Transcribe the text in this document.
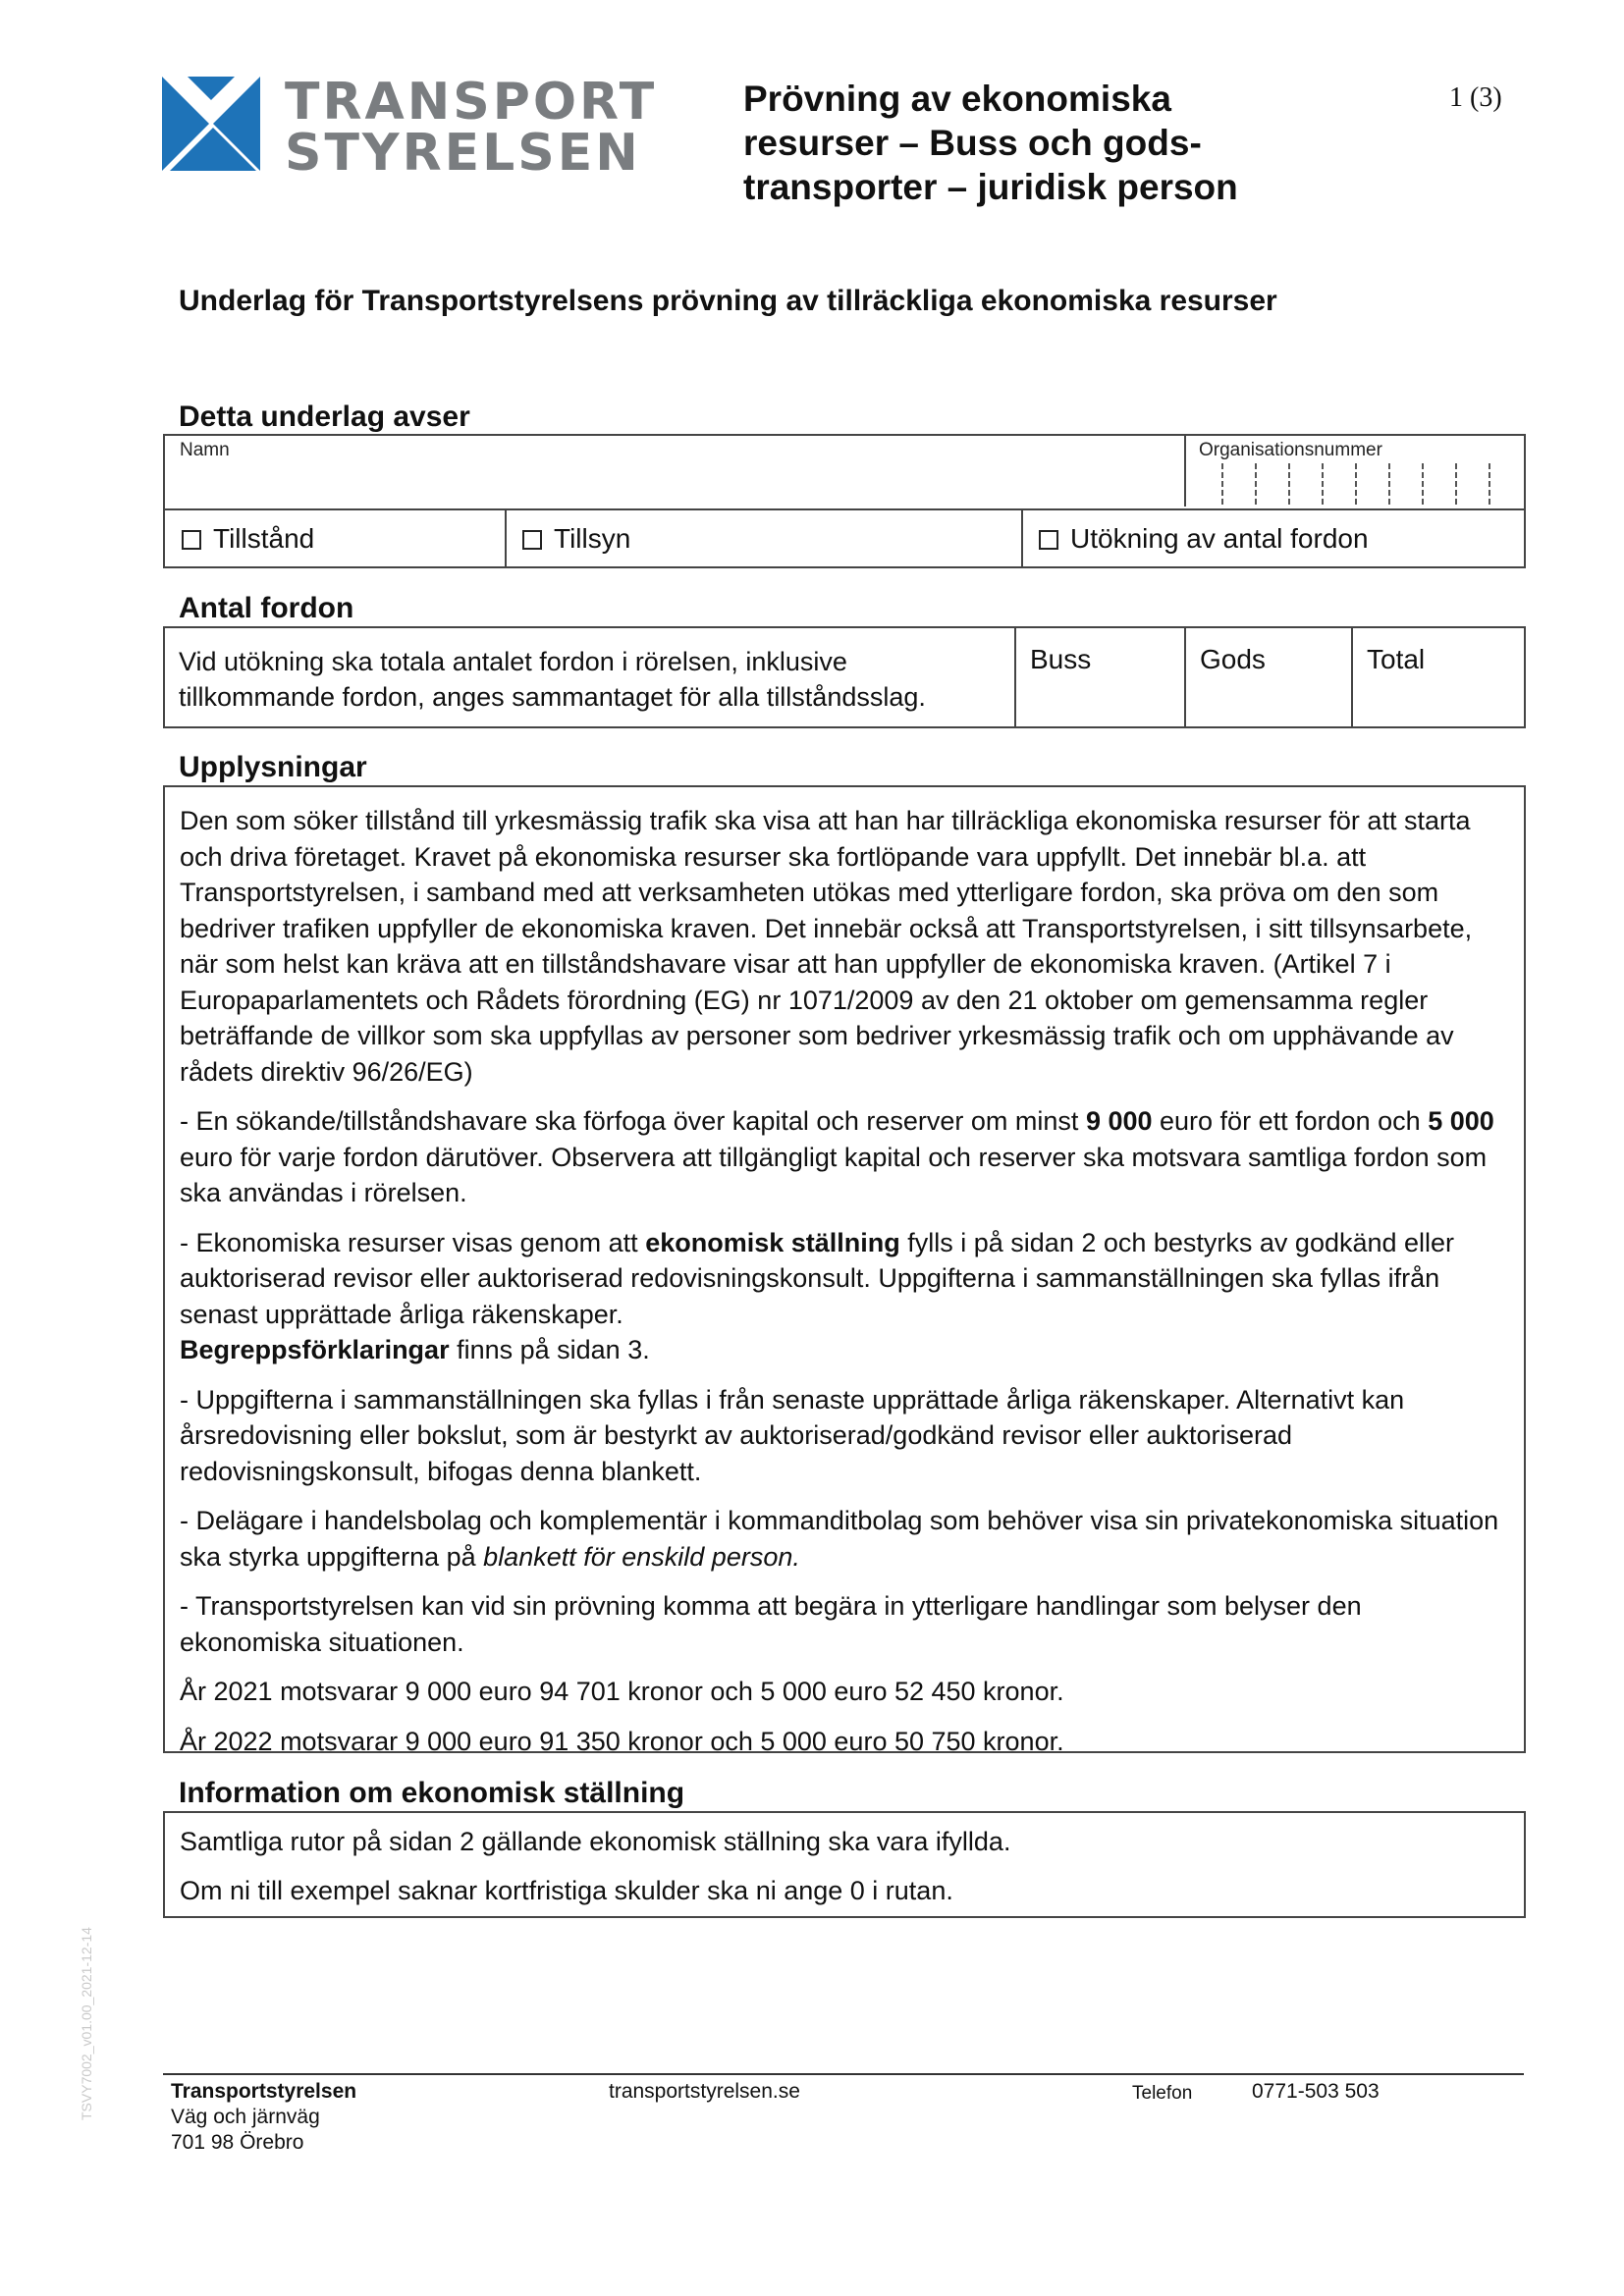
TRANSPORT
STYRELSEN
Prövning av ekonomiska resurser – Buss och gods-transporter – juridisk person
1 (3)
Underlag för Transportstyrelsens prövning av tillräckliga ekonomiska resurser
Detta underlag avser
Namn	Organisationsnummer
Tillstånd	Tillsyn	Utökning av antal fordon
Antal fordon
Vid utökning ska totala antalet fordon i rörelsen, inklusive tillkommande fordon, anges sammantaget för alla tillståndsslag.
Buss	Gods	Total
Upplysningar

Den som söker tillstånd till yrkesmässig trafik ska visa att han har tillräckliga ekonomiska resurser för att starta och driva företaget. Kravet på ekonomiska resurser ska fortlöpande vara uppfyllt. Det innebär bl.a. att Transportstyrelsen, i samband med att verksamheten utökas med ytterligare fordon, ska pröva om den som bedriver trafiken uppfyller de ekonomiska kraven. Det innebär också att Transportstyrelsen, i sitt tillsynsarbete, när som helst kan kräva att en tillståndshavare visar att han uppfyller de ekonomiska kraven. (Artikel 7 i Europaparlamentets och Rådets förordning (EG) nr 1071/2009 av den 21 oktober om gemensamma regler beträffande de villkor som ska uppfyllas av personer som bedriver yrkesmässig trafik och om upphävande av rådets direktiv 96/26/EG)

- En sökande/tillståndshavare ska förfoga över kapital och reserver om minst 9 000 euro för ett fordon och 5 000 euro för varje fordon därutöver. Observera att tillgängligt kapital och reserver ska motsvara samtliga fordon som ska användas i rörelsen.

- Ekonomiska resurser visas genom att ekonomisk ställning fylls i på sidan 2 och bestyrks av godkänd eller auktoriserad revisor eller auktoriserad redovisningskonsult. Uppgifterna i sammanställningen ska fyllas ifrån senast upprättade årliga räkenskaper.
Begreppsförklaringar finns på sidan 3.

- Uppgifterna i sammanställningen ska fyllas i från senaste upprättade årliga räkenskaper. Alternativt kan årsredovisning eller bokslut, som är bestyrkt av auktoriserad/godkänd revisor eller auktoriserad redovisningskonsult, bifogas denna blankett.

- Delägare i handelsbolag och komplementär i kommanditbolag som behöver visa sin privatekonomiska situation ska styrka uppgifterna på blankett för enskild person.

- Transportstyrelsen kan vid sin prövning komma att begära in ytterligare handlingar som belyser den ekonomiska situationen.

År 2021 motsvarar 9 000 euro 94 701 kronor och 5 000 euro 52 450 kronor.

År 2022 motsvarar 9 000 euro 91 350 kronor och 5 000 euro 50 750 kronor.

Information om ekonomisk ställning

Samtliga rutor på sidan 2 gällande ekonomisk ställning ska vara ifyllda.

Om ni till exempel saknar kortfristiga skulder ska ni ange 0 i rutan.

TSVY7002_v01.00_2021-12-14	Transportstyrelsen
Väg och järnväg
701 98 Örebro
transportstyrelsen.se	Telefon	0771-503 503
